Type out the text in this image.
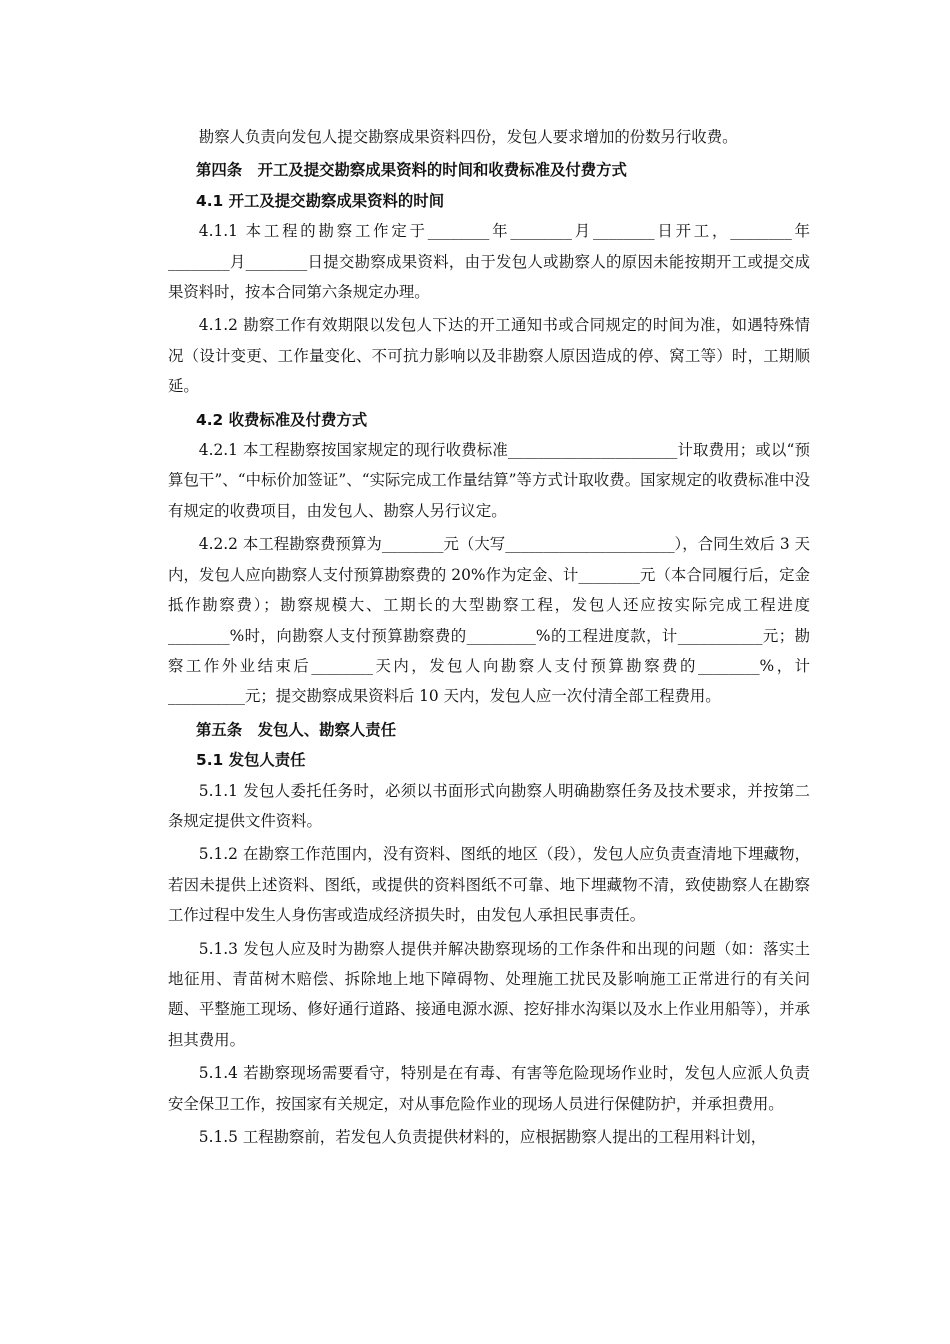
勘察人负责向发包人提交勘察成果资料四份，发包人要求增加的份数另行收费。

第四条　开工及提交勘察成果资料的时间和收费标准及付费方式

4.1 开工及提交勘察成果资料的时间

4.1.1 本工程的勘察工作定于________年________月________日开工，________年________月________日提交勘察成果资料，由于发包人或勘察人的原因未能按期开工或提交成果资料时，按本合同第六条规定办理。

4.1.2 勘察工作有效期限以发包人下达的开工通知书或合同规定的时间为准，如遇特殊情况（设计变更、工作量变化、不可抗力影响以及非勘察人原因造成的停、窝工等）时，工期顺延。

4.2 收费标准及付费方式

4.2.1 本工程勘察按国家规定的现行收费标准______________________计取费用；或以“预算包干”、“中标价加签证”、“实际完成工作量结算”等方式计取收费。国家规定的收费标准中没有规定的收费项目，由发包人、勘察人另行议定。

4.2.2 本工程勘察费预算为________元（大写______________________），合同生效后 3 天内，发包人应向勘察人支付预算勘察费的 20%作为定金、计________元（本合同履行后，定金抵作勘察费）；勘察规模大、工期长的大型勘察工程，发包人还应按实际完成工程进度________%时，向勘察人支付预算勘察费的_________%的工程进度款，计___________元；勘察工作外业结束后________天内，发包人向勘察人支付预算勘察费的________%，计__________元；提交勘察成果资料后 10 天内，发包人应一次付清全部工程费用。

第五条　发包人、勘察人责任

5.1 发包人责任

5.1.1 发包人委托任务时，必须以书面形式向勘察人明确勘察任务及技术要求，并按第二条规定提供文件资料。

5.1.2 在勘察工作范围内，没有资料、图纸的地区（段），发包人应负责查清地下埋藏物，若因未提供上述资料、图纸，或提供的资料图纸不可靠、地下埋藏物不清，致使勘察人在勘察工作过程中发生人身伤害或造成经济损失时，由发包人承担民事责任。

5.1.3 发包人应及时为勘察人提供并解决勘察现场的工作条件和出现的问题（如：落实土地征用、青苗树木赔偿、拆除地上地下障碍物、处理施工扰民及影响施工正常进行的有关问题、平整施工现场、修好通行道路、接通电源水源、挖好排水沟渠以及水上作业用船等），并承担其费用。

5.1.4 若勘察现场需要看守，特别是在有毒、有害等危险现场作业时，发包人应派人负责安全保卫工作，按国家有关规定，对从事危险作业的现场人员进行保健防护，并承担费用。

5.1.5 工程勘察前，若发包人负责提供材料的，应根据勘察人提出的工程用料计划，
